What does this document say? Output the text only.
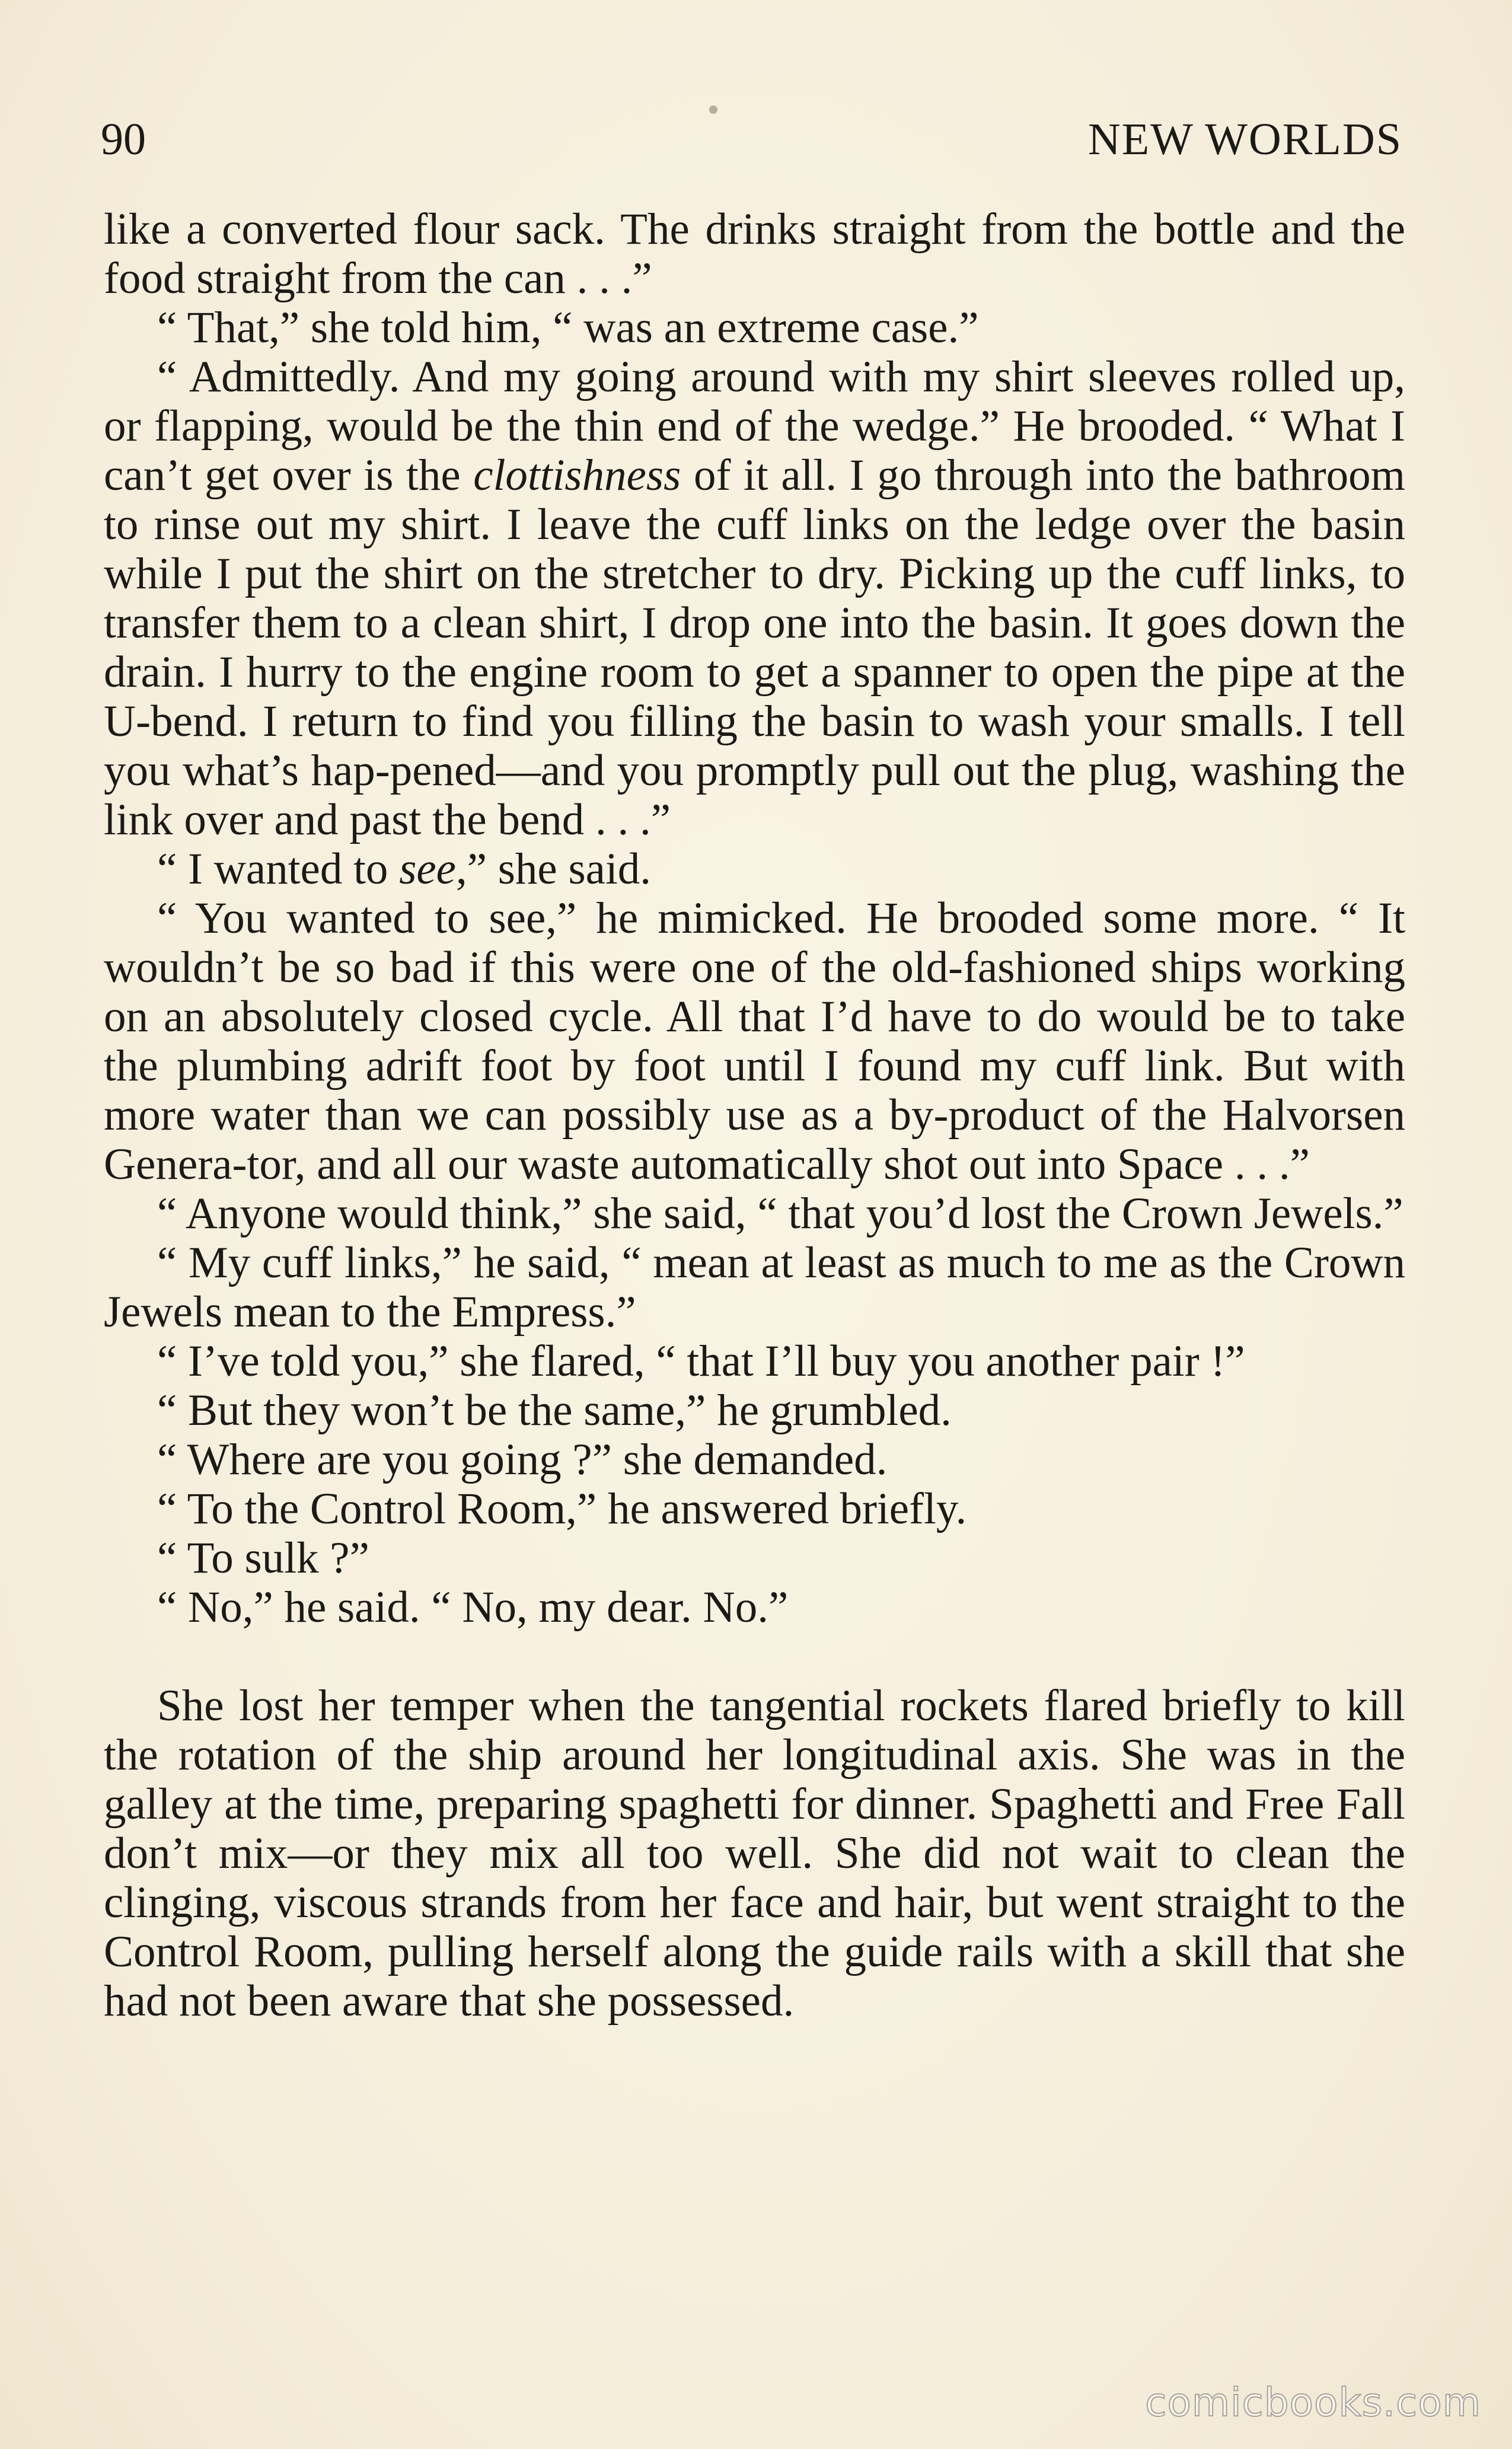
90	NEW WORLDS

like a converted flour sack. The drinks straight from the bottle and the food straight from the can . . .”

“ That,” she told him, “ was an extreme case.”

“ Admittedly. And my going around with my shirt sleeves rolled up, or flapping, would be the thin end of the wedge.” He brooded. “ What I can’t get over is the clottishness of it all. I go through into the bathroom to rinse out my shirt. I leave the cuff links on the ledge over the basin while I put the shirt on the stretcher to dry. Picking up the cuff links, to transfer them to a clean shirt, I drop one into the basin. It goes down the drain. I hurry to the engine room to get a spanner to open the pipe at the U-bend. I return to find you filling the basin to wash your smalls. I tell you what’s hap-pened—and you promptly pull out the plug, washing the link over and past the bend . . .”

“ I wanted to see,” she said.

“ You wanted to see,” he mimicked. He brooded some more. “ It wouldn’t be so bad if this were one of the old-fashioned ships working on an absolutely closed cycle. All that I’d have to do would be to take the plumbing adrift foot by foot until I found my cuff link. But with more water than we can possibly use as a by-product of the Halvorsen Genera-tor, and all our waste automatically shot out into Space . . .”

“ Anyone would think,” she said, “ that you’d lost the Crown Jewels.”

“ My cuff links,” he said, “ mean at least as much to me as the Crown Jewels mean to the Empress.”

“ I’ve told you,” she flared, “ that I’ll buy you another pair !”

“ But they won’t be the same,” he grumbled.

“ Where are you going ?” she demanded.

“ To the Control Room,” he answered briefly.

“ To sulk ?”

“ No,” he said. “ No, my dear. No.”

She lost her temper when the tangential rockets flared briefly to kill the rotation of the ship around her longitudinal axis. She was in the galley at the time, preparing spaghetti for dinner. Spaghetti and Free Fall don’t mix—or they mix all too well. She did not wait to clean the clinging, viscous strands from her face and hair, but went straight to the Control Room, pulling herself along the guide rails with a skill that she had not been aware that she possessed.

comicbooks.com
